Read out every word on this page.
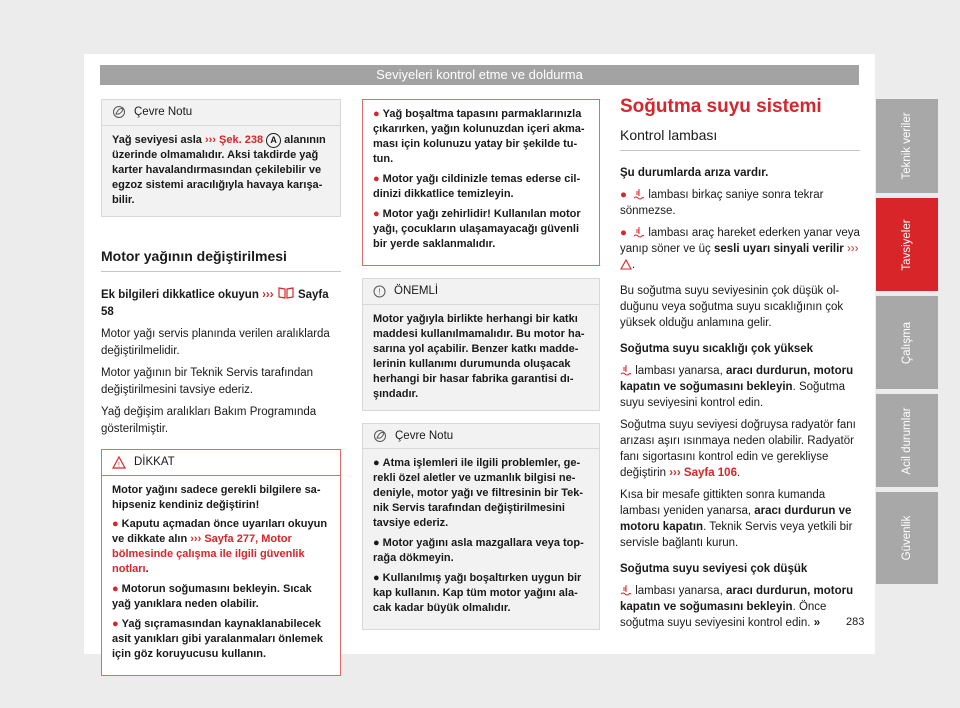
Seviyeleri kontrol etme ve doldurma
Çevre Notu
Yağ seviyesi asla ››› Şek. 238 A alanının üzerinde olmamalıdır. Aksi takdirde yağ karter havalandırmasından çekilebilir ve egzoz sistemi aracılığıyla havaya karışabilir.
Motor yağının değiştirilmesi

Ek bilgileri dikkatlice okuyun ›››  Sayfa 58

Motor yağı servis planında verilen aralıklarda değiştirilmelidir.

Motor yağının bir Teknik Servis tarafından değiştirilmesini tavsiye ederiz.

Yağ değişim aralıkları Bakım Programında gösterilmiştir.

! DİKKAT
Motor yağını sadece gerekli bilgilere sahipseniz kendiniz değiştirin!
● Kaputu açmadan önce uyarıları okuyun ve dikkate alın ››› Sayfa 277, Motor bölmesinde çalışma ile ilgili güvenlik notları.
● Motorun soğumasını bekleyin. Sıcak yağ yanıklara neden olabilir.
● Yağ sıçramasından kaynaklanabilecek asit yanıkları gibi yaralanmaları önlemek için göz koruyucusu kullanın.
● Yağ boşaltma tapasını parmaklarınızla çıkarırken, yağın kolunuzdan içeri akmaması için kolunuzu yatay bir şekilde tutun.
● Motor yağı cildinizle temas ederse cildinizi dikkatlice temizleyin.
● Motor yağı zehirlidir! Kullanılan motor yağı, çocukların ulaşamayacağı güvenli bir yerde saklanmalıdır.
! ÖNEMLİ
Motor yağıyla birlikte herhangi bir katkı maddesi kullanılmamalıdır. Bu motor hasarına yol açabilir. Benzer katkı maddelerinin kullanımı durumunda oluşacak herhangi bir hasar fabrika garantisi dışındadır.
Çevre Notu
● Atma işlemleri ile ilgili problemler, gerekli özel aletler ve uzmanlık bilgisi nedeniyle, motor yağı ve filtresinin bir Teknik Servis tarafından değiştirilmesini tavsiye ederiz.
● Motor yağını asla mazgallara veya toprağa dökmeyin.
● Kullanılmış yağı boşaltırken uygun bir kap kullanın. Kap tüm motor yağını alacak kadar büyük olmalıdır.
Soğutma suyu sistemi
Kontrol lambası

Şu durumlarda arıza vardır.

●  lambası birkaç saniye sonra tekrar sönmezse.

●  lambası araç hareket ederken yanar veya yanıp söner ve üç sesli uyarı sinyali verilir ››› .

Bu soğutma suyu seviyesinin çok düşük olduğunu veya soğutma suyu sıcaklığının çok yüksek olduğu anlamına gelir.

Soğutma suyu sıcaklığı çok yüksek

lambası yanarsa, aracı durdurun, motoru kapatın ve soğumasını bekleyin. Soğutma suyu seviyesini kontrol edin.

Soğutma suyu seviyesi doğruysa radyatör fanı arızası aşırı ısınmaya neden olabilir. Radyatör fanı sigortasını kontrol edin ve gerekliyse değiştirin ››› Sayfa 106.

Kısa bir mesafe gittikten sonra kumanda lambası yeniden yanarsa, aracı durdurun ve motoru kapatın. Teknik Servis veya yetkili bir servisle bağlantı kurun.

Soğutma suyu seviyesi çok düşük

lambası yanarsa, aracı durdurun, motoru kapatın ve soğumasını bekleyin. Önce soğutma suyu seviyesini kontrol edin. »

Teknik veriler
Tavsiyeler
Çalışma
Acil durumlar
Güvenlik
283
